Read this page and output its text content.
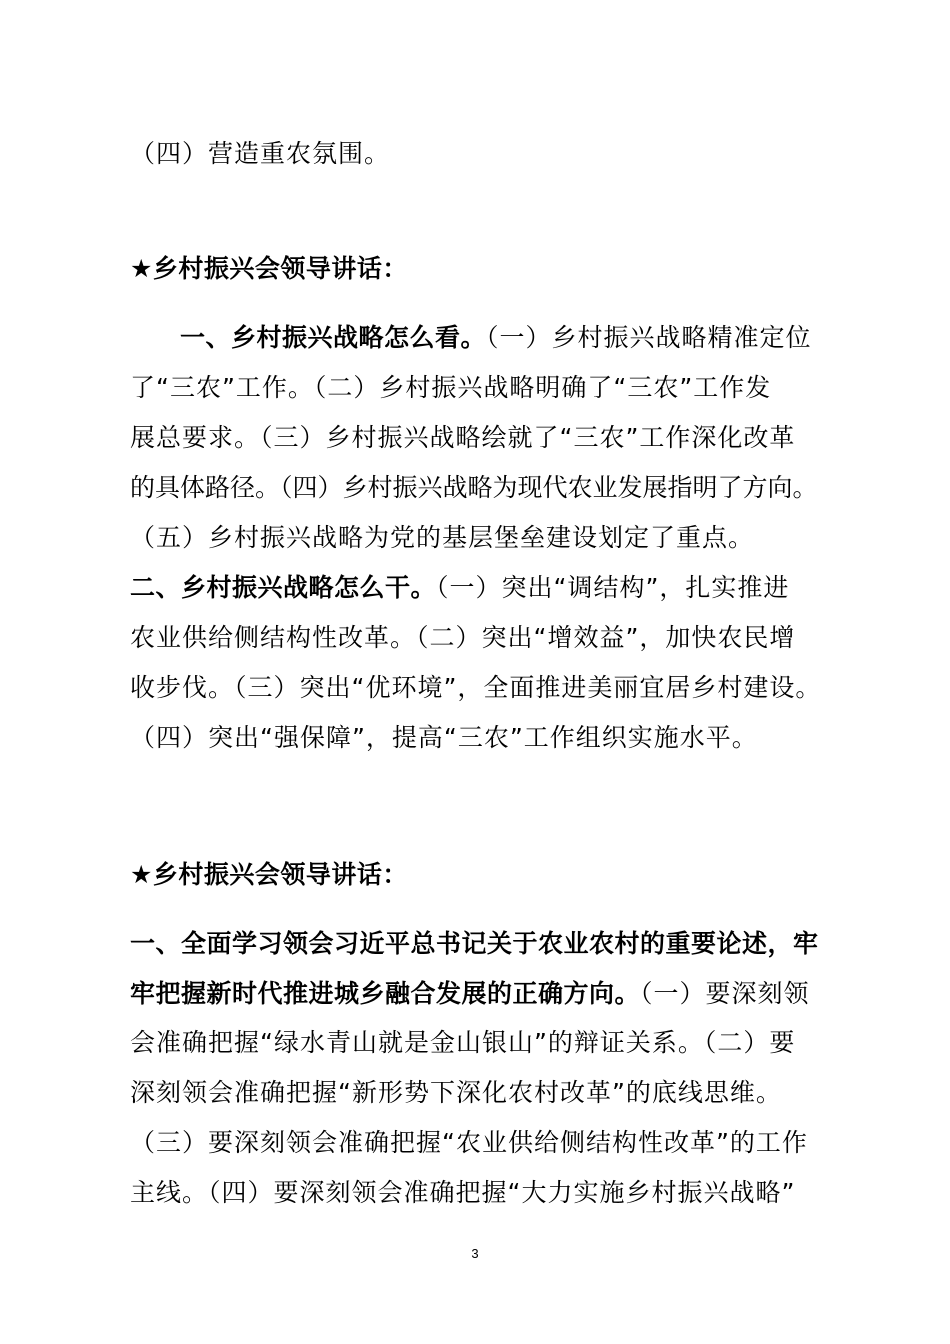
（四）营造重农氛围。
★乡村振兴会领导讲话：
一、乡村振兴战略怎么看。（一）乡村振兴战略精准定位
了“三农”工作。（二）乡村振兴战略明确了“三农”工作发
展总要求。（三）乡村振兴战略绘就了“三农”工作深化改革
的具体路径。（四）乡村振兴战略为现代农业发展指明了方向。
（五）乡村振兴战略为党的基层堡垒建设划定了重点。
二、乡村振兴战略怎么干。（一）突出“调结构”，扎实推进
农业供给侧结构性改革。（二）突出“增效益”，加快农民增
收步伐。（三）突出“优环境”，全面推进美丽宜居乡村建设。
（四）突出“强保障”，提高“三农”工作组织实施水平。
★乡村振兴会领导讲话：
一、全面学习领会习近平总书记关于农业农村的重要论述，牢
牢把握新时代推进城乡融合发展的正确方向。（一）要深刻领
会准确把握“绿水青山就是金山银山”的辩证关系。（二）要
深刻领会准确把握“新形势下深化农村改革”的底线思维。
（三）要深刻领会准确把握“农业供给侧结构性改革”的工作
主线。（四）要深刻领会准确把握“大力实施乡村振兴战略”
3
